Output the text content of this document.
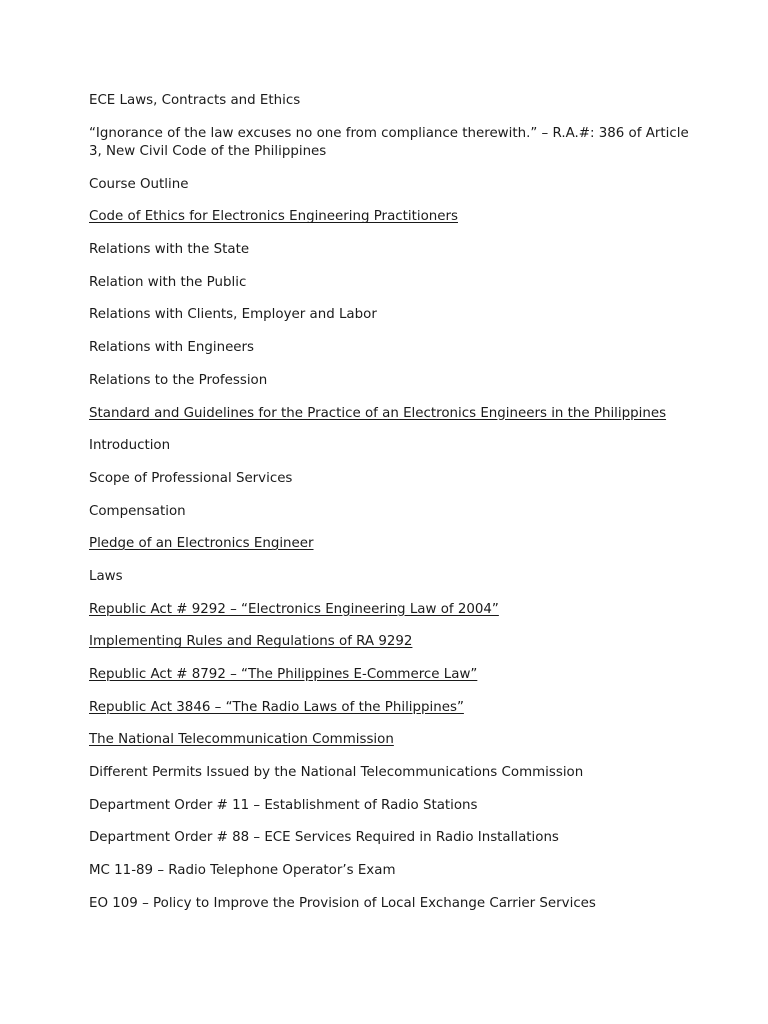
ECE Laws, Contracts and Ethics
“Ignorance of the law excuses no one from compliance therewith.” – R.A.#: 386 of Article 3, New Civil Code of the Philippines
Course Outline
Code of Ethics for Electronics Engineering Practitioners
Relations with the State
Relation with the Public
Relations with Clients, Employer and Labor
Relations with Engineers
Relations to the Profession
Standard and Guidelines for the Practice of an Electronics Engineers in the Philippines
Introduction
Scope of Professional Services
Compensation
Pledge of an Electronics Engineer
Laws
Republic Act # 9292 – “Electronics Engineering Law of 2004”
Implementing Rules and Regulations of RA 9292
Republic Act # 8792 – “The Philippines E-Commerce Law”
Republic Act 3846 – “The Radio Laws of the Philippines”
The National Telecommunication Commission
Different Permits Issued by the National Telecommunications Commission
Department Order # 11 – Establishment of Radio Stations
Department Order # 88 – ECE Services Required in Radio Installations
MC 11-89 – Radio Telephone Operator’s Exam
EO 109 – Policy to Improve the Provision of Local Exchange Carrier Services
